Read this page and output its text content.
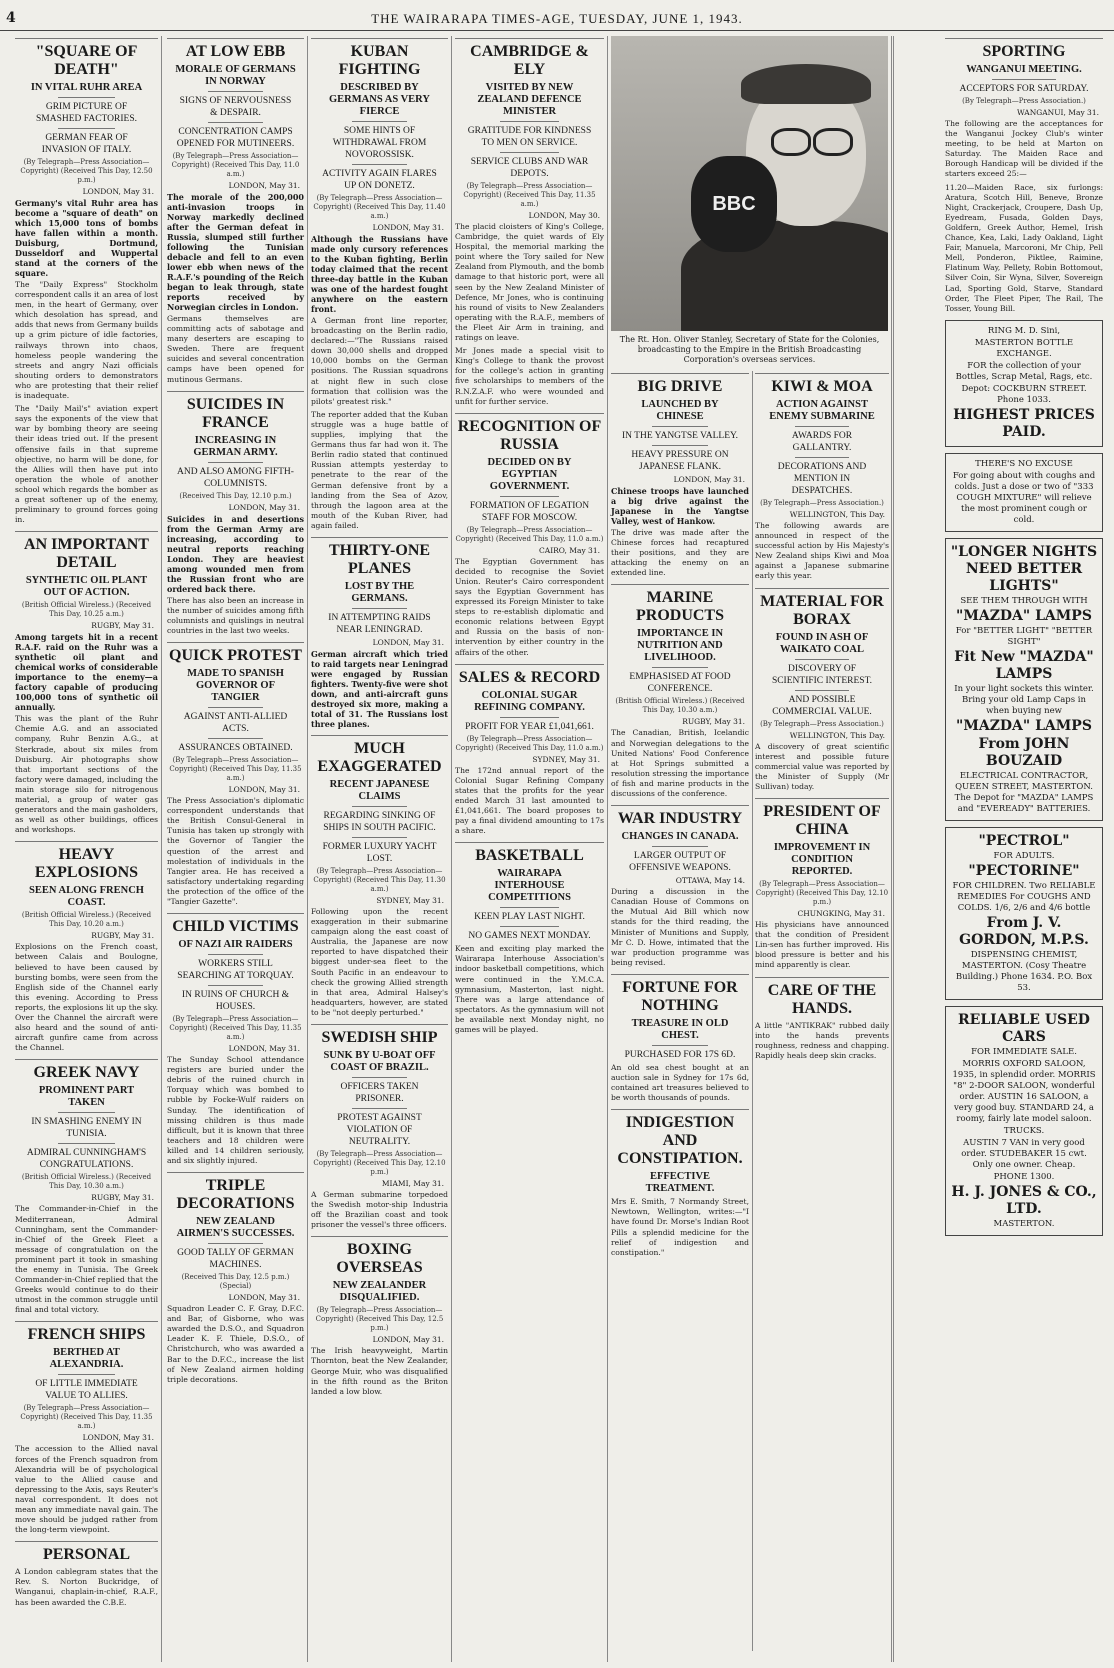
4	THE WAIRARAPA TIMES-AGE, TUESDAY, JUNE 1, 1943.
"SQUARE OF DEATH"
IN VITAL RUHR AREA
GRIM PICTURE OF SMASHED FACTORIES.
GERMAN FEAR OF INVASION OF ITALY.
(By Telegraph—Press Association—Copyright) (Received This Day, 12.50 p.m.)
LONDON, May 31.
Germany's vital Ruhr area has become a "square of death" on which 15,000 tons of bombs have fallen within a month. Duisburg, Dortmund, Dusseldorf and Wuppertal stand at the corners of the square.
The "Daily Express" Stockholm correspondent calls it an area of lost men, in the heart of Germany, over which desolation has spread, and adds that news from Germany builds up a grim picture of idle factories, railways thrown into chaos, homeless people wandering the streets and angry Nazi officials shouting orders to demonstrators who are protesting that their relief is inadequate.
The "Daily Mail's" aviation expert says the exponents of the view that war by bombing theory are seeing their ideas tried out. If the present offensive fails in that supreme objective, no harm will be done, for the Allies will then have put into operation the whole of another school which regards the bomber as a great softener up of the enemy, preliminary to ground forces going in.
AN IMPORTANT DETAIL
SYNTHETIC OIL PLANT OUT OF ACTION.
(British Official Wireless.) (Received This Day, 10.25 a.m.)
RUGBY, May 31.
Among targets hit in a recent R.A.F. raid on the Ruhr was a synthetic oil plant and chemical works of considerable importance to the enemy—a factory capable of producing 100,000 tons of synthetic oil annually.
This was the plant of the Ruhr Chemie A.G. and an associated company, Ruhr Benzin A.G., at Sterkrade, about six miles from Duisburg. Air photographs show that important sections of the factory were damaged, including the main storage silo for nitrogenous material, a group of water gas generators and the main gasholders, as well as other buildings, offices and workshops.
HEAVY EXPLOSIONS
SEEN ALONG FRENCH COAST.
(British Official Wireless.) (Received This Day, 10.20 a.m.)
RUGBY, May 31.
Explosions on the French coast, between Calais and Boulogne, believed to have been caused by bursting bombs, were seen from the English side of the Channel early this evening. According to Press reports, the explosions lit up the sky. Over the Channel the aircraft were also heard and the sound of anti-aircraft gunfire came from across the Channel.
GREEK NAVY
PROMINENT PART TAKEN
IN SMASHING ENEMY IN TUNISIA.
ADMIRAL CUNNINGHAM'S CONGRATULATIONS.
(British Official Wireless.) (Received This Day, 10.30 a.m.)
RUGBY, May 31.
The Commander-in-Chief in the Mediterranean, Admiral Cunningham, sent the Commander-in-Chief of the Greek Fleet a message of congratulation on the prominent part it took in smashing the enemy in Tunisia. The Greek Commander-in-Chief replied that the Greeks would continue to do their utmost in the common struggle until final and total victory.
FRENCH SHIPS
BERTHED AT ALEXANDRIA.
OF LITTLE IMMEDIATE VALUE TO ALLIES.
(By Telegraph—Press Association—Copyright) (Received This Day, 11.35 a.m.)
LONDON, May 31.
The accession to the Allied naval forces of the French squadron from Alexandria will be of psychological value to the Allied cause and depressing to the Axis, says Reuter's naval correspondent. It does not mean any immediate naval gain. The move should be judged rather from the long-term viewpoint.
PERSONAL
A London cablegram states that the Rev. S. Norton Buckridge, of Wanganui, chaplain-in-chief, R.A.F., has been awarded the C.B.E.
AT LOW EBB
MORALE OF GERMANS IN NORWAY
SIGNS OF NERVOUSNESS & DESPAIR.
CONCENTRATION CAMPS OPENED FOR MUTINEERS.
(By Telegraph—Press Association—Copyright) (Received This Day, 11.0 a.m.)
LONDON, May 31.
The morale of the 200,000 anti-invasion troops in Norway markedly declined after the German defeat in Russia, slumped still further following the Tunisian debacle and fell to an even lower ebb when news of the R.A.F.'s pounding of the Reich began to leak through, state reports received by Norwegian circles in London.
Germans themselves are committing acts of sabotage and many deserters are escaping to Sweden. There are frequent suicides and several concentration camps have been opened for mutinous Germans.
SUICIDES IN FRANCE
INCREASING IN GERMAN ARMY.
AND ALSO AMONG FIFTH-COLUMNISTS.
(Received This Day, 12.10 p.m.)
LONDON, May 31.
Suicides in and desertions from the German Army are increasing, according to neutral reports reaching London. They are heaviest among wounded men from the Russian front who are ordered back there.
There has also been an increase in the number of suicides among fifth columnists and quislings in neutral countries in the last two weeks.
QUICK PROTEST
MADE TO SPANISH GOVERNOR OF TANGIER
AGAINST ANTI-ALLIED ACTS.
ASSURANCES OBTAINED.
(By Telegraph—Press Association—Copyright) (Received This Day, 11.35 a.m.)
LONDON, May 31.
The Press Association's diplomatic correspondent understands that the British Consul-General in Tunisia has taken up strongly with the Governor of Tangier the question of the arrest and molestation of individuals in the Tangier area. He has received a satisfactory undertaking regarding the protection of the office of the "Tangier Gazette".
CHILD VICTIMS
OF NAZI AIR RAIDERS
WORKERS STILL SEARCHING AT TORQUAY.
IN RUINS OF CHURCH & HOUSES.
(By Telegraph—Press Association—Copyright) (Received This Day, 11.35 a.m.)
LONDON, May 31.
The Sunday School attendance registers are buried under the debris of the ruined church in Torquay which was bombed to rubble by Focke-Wulf raiders on Sunday. The identification of missing children is thus made difficult, but it is known that three teachers and 18 children were killed and 14 children seriously, and six slightly injured.
TRIPLE DECORATIONS
NEW ZEALAND AIRMEN'S SUCCESSES.
GOOD TALLY OF GERMAN MACHINES.
(Received This Day, 12.5 p.m.) (Special)
LONDON, May 31.
Squadron Leader C. F. Gray, D.F.C. and Bar, of Gisborne, who was awarded the D.S.O., and Squadron Leader K. F. Thiele, D.S.O., of Christchurch, who was awarded a Bar to the D.F.C., increase the list of New Zealand airmen holding triple decorations.
KUBAN FIGHTING
DESCRIBED BY GERMANS AS VERY FIERCE
SOME HINTS OF WITHDRAWAL FROM NOVOROSSISK.
ACTIVITY AGAIN FLARES UP ON DONETZ.
(By Telegraph—Press Association—Copyright) (Received This Day, 11.40 a.m.)
LONDON, May 31.
Although the Russians have made only cursory references to the Kuban fighting, Berlin today claimed that the recent three-day battle in the Kuban was one of the hardest fought anywhere on the eastern front.
A German front line reporter, broadcasting on the Berlin radio, declared:—"The Russians raised down 30,000 shells and dropped 10,000 bombs on the German positions. The Russian squadrons at night flew in such close formation that collision was the pilots' greatest risk."
The reporter added that the Kuban struggle was a huge battle of supplies, implying that the Germans thus far had won it. The Berlin radio stated that continued Russian attempts yesterday to penetrate to the rear of the German defensive front by a landing from the Sea of Azov, through the lagoon area at the mouth of the Kuban River, had again failed.
THIRTY-ONE PLANES
LOST BY THE GERMANS.
IN ATTEMPTING RAIDS NEAR LENINGRAD.
LONDON, May 31.
German aircraft which tried to raid targets near Leningrad were engaged by Russian fighters. Twenty-five were shot down, and anti-aircraft guns destroyed six more, making a total of 31. The Russians lost three planes.
MUCH EXAGGERATED
RECENT JAPANESE CLAIMS
REGARDING SINKING OF SHIPS IN SOUTH PACIFIC.
FORMER LUXURY YACHT LOST.
(By Telegraph—Press Association—Copyright) (Received This Day, 11.30 a.m.)
SYDNEY, May 31.
Following upon the recent exaggeration in their submarine campaign along the east coast of Australia, the Japanese are now reported to have dispatched their biggest under-sea fleet to the South Pacific in an endeavour to check the growing Allied strength in that area, Admiral Halsey's headquarters, however, are stated to be "not deeply perturbed."
SWEDISH SHIP
SUNK BY U-BOAT OFF COAST OF BRAZIL.
OFFICERS TAKEN PRISONER.
PROTEST AGAINST VIOLATION OF NEUTRALITY.
(By Telegraph—Press Association—Copyright) (Received This Day, 12.10 p.m.)
MIAMI, May 31.
A German submarine torpedoed the Swedish motor-ship Industria off the Brazilian coast and took prisoner the vessel's three officers.
BOXING OVERSEAS
NEW ZEALANDER DISQUALIFIED.
(By Telegraph—Press Association—Copyright) (Received This Day, 12.5 p.m.)
LONDON, May 31.
The Irish heavyweight, Martin Thornton, beat the New Zealander, George Muir, who was disqualified in the fifth round as the Briton landed a low blow.
CAMBRIDGE & ELY
VISITED BY NEW ZEALAND DEFENCE MINISTER
GRATITUDE FOR KINDNESS TO MEN ON SERVICE.
SERVICE CLUBS AND WAR DEPOTS.
(By Telegraph—Press Association—Copyright) (Received This Day, 11.35 a.m.)
LONDON, May 30.
The placid cloisters of King's College, Cambridge, the quiet wards of Ely Hospital, the memorial marking the point where the Tory sailed for New Zealand from Plymouth, and the bomb damage to that historic port, were all seen by the New Zealand Minister of Defence, Mr Jones, who is continuing his round of visits to New Zealanders operating with the R.A.F., members of the Fleet Air Arm in training, and ratings on leave.
Mr Jones made a special visit to King's College to thank the provost for the college's action in granting five scholarships to members of the R.N.Z.A.F. who were wounded and unfit for further service.
RECOGNITION OF RUSSIA
DECIDED ON BY EGYPTIAN GOVERNMENT.
FORMATION OF LEGATION STAFF FOR MOSCOW.
(By Telegraph—Press Association—Copyright) (Received This Day, 11.0 a.m.)
CAIRO, May 31.
The Egyptian Government has decided to recognise the Soviet Union. Reuter's Cairo correspondent says the Egyptian Government has expressed its Foreign Minister to take steps to re-establish diplomatic and economic relations between Egypt and Russia on the basis of non-intervention by either country in the affairs of the other.
SALES & RECORD
COLONIAL SUGAR REFINING COMPANY.
PROFIT FOR YEAR £1,041,661.
(By Telegraph—Press Association—Copyright) (Received This Day, 11.0 a.m.)
SYDNEY, May 31.
The 172nd annual report of the Colonial Sugar Refining Company states that the profits for the year ended March 31 last amounted to £1,041,661. The board proposes to pay a final dividend amounting to 17s a share.
BASKETBALL
WAIRARAPA INTERHOUSE COMPETITIONS
KEEN PLAY LAST NIGHT.
NO GAMES NEXT MONDAY.
Keen and exciting play marked the Wairarapa Interhouse Association's indoor basketball competitions, which were continued in the Y.M.C.A. gymnasium, Masterton, last night. There was a large attendance of spectators. As the gymnasium will not be available next Monday night, no games will be played.
BBC
The Rt. Hon. Oliver Stanley, Secretary of State for the Colonies, broadcasting to the Empire in the British Broadcasting Corporation's overseas services.
BIG DRIVE
LAUNCHED BY CHINESE
IN THE YANGTSE VALLEY.
HEAVY PRESSURE ON JAPANESE FLANK.
LONDON, May 31.
Chinese troops have launched a big drive against the Japanese in the Yangtse Valley, west of Hankow.
The drive was made after the Chinese forces had recaptured their positions, and they are attacking the enemy on an extended line.
MARINE PRODUCTS
IMPORTANCE IN NUTRITION AND LIVELIHOOD.
EMPHASISED AT FOOD CONFERENCE.
(British Official Wireless.) (Received This Day, 10.30 a.m.)
RUGBY, May 31.
The Canadian, British, Icelandic and Norwegian delegations to the United Nations' Food Conference at Hot Springs submitted a resolution stressing the importance of fish and marine products in the discussions of the conference.
WAR INDUSTRY
CHANGES IN CANADA.
LARGER OUTPUT OF OFFENSIVE WEAPONS.
OTTAWA, May 14.
During a discussion in the Canadian House of Commons on the Mutual Aid Bill which now stands for the third reading, the Minister of Munitions and Supply, Mr C. D. Howe, intimated that the war production programme was being revised.
FORTUNE FOR NOTHING
TREASURE IN OLD CHEST.
PURCHASED FOR 17S 6D.
An old sea chest bought at an auction sale in Sydney for 17s 6d, contained art treasures believed to be worth thousands of pounds.
INDIGESTION AND CONSTIPATION.
EFFECTIVE TREATMENT.
Mrs E. Smith, 7 Normandy Street, Newtown, Wellington, writes:—"I have found Dr. Morse's Indian Root Pills a splendid medicine for the relief of indigestion and constipation."
KIWI & MOA
ACTION AGAINST ENEMY SUBMARINE
AWARDS FOR GALLANTRY.
DECORATIONS AND MENTION IN DESPATCHES.
(By Telegraph—Press Association.)
WELLINGTON, This Day.
The following awards are announced in respect of the successful action by His Majesty's New Zealand ships Kiwi and Moa against a Japanese submarine early this year.
MATERIAL FOR BORAX
FOUND IN ASH OF WAIKATO COAL
DISCOVERY OF SCIENTIFIC INTEREST.
AND POSSIBLE COMMERCIAL VALUE.
(By Telegraph—Press Association.)
WELLINGTON, This Day.
A discovery of great scientific interest and possible future commercial value was reported by the Minister of Supply (Mr Sullivan) today.
PRESIDENT OF CHINA
IMPROVEMENT IN CONDITION REPORTED.
(By Telegraph—Press Association—Copyright) (Received This Day, 12.10 p.m.)
CHUNGKING, May 31.
His physicians have announced that the condition of President Lin-sen has further improved. His blood pressure is better and his mind apparently is clear.
CARE OF THE HANDS.
A little "ANTIKRAK" rubbed daily into the hands prevents roughness, redness and chapping. Rapidly heals deep skin cracks.
SPORTING
WANGANUI MEETING.
ACCEPTORS FOR SATURDAY.
(By Telegraph—Press Association.)
WANGANUI, May 31.
The following are the acceptances for the Wanganui Jockey Club's winter meeting, to be held at Marton on Saturday. The Maiden Race and Borough Handicap will be divided if the starters exceed 25:—
11.20—Maiden Race, six furlongs: Aratura, Scotch Hill, Beneve, Bronze Night, Crackerjack, Croupere, Dash Up, Eyedream, Fusada, Golden Days, Goldfern, Greek Author, Hemel, Irish Chance, Kea, Laki, Lady Oakland, Light Fair, Manuela, Marcoroni, Mr Chip, Pell Mell, Ponderon, Piktlee, Raimine, Flatinum Way, Pellety, Robin Bottomout, Silver Coin, Sir Wyna, Silver, Sovereign Lad, Sporting Gold, Starve, Standard Order, The Fleet Piper, The Rail, The Tosser, Young Bill.
RING M. D. Sini,
MASTERTON BOTTLE EXCHANGE.
FOR the collection of your Bottles, Scrap Metal, Rags, etc.
Depot: COCKBURN STREET. Phone 1033.
HIGHEST PRICES PAID.
THERE'S NO EXCUSE
For going about with coughs and colds. Just a dose or two of "333 COUGH MIXTURE" will relieve the most prominent cough or cold.
"LONGER NIGHTS NEED BETTER LIGHTS"
SEE THEM THROUGH WITH
"MAZDA" LAMPS
For "BETTER LIGHT" "BETTER SIGHT"
Fit New "MAZDA" LAMPS
In your light sockets this winter. Bring your old Lamp Caps in when buying new
"MAZDA" LAMPS
From JOHN BOUZAID
ELECTRICAL CONTRACTOR, QUEEN STREET, MASTERTON. The Depot for "MAZDA" LAMPS and "EVEREADY" BATTERIES.
"PECTROL"
FOR ADULTS.
"PECTORINE"
FOR CHILDREN. Two RELIABLE REMEDIES For COUGHS AND COLDS. 1/6, 2/6 and 4/6 bottle
From J. V. GORDON, M.P.S.
DISPENSING CHEMIST, MASTERTON. (Cosy Theatre Building.) Phone 1634. P.O. Box 53.
RELIABLE USED CARS
FOR IMMEDIATE SALE.
MORRIS OXFORD SALOON, 1935, in splendid order. MORRIS "8" 2-DOOR SALOON, wonderful order. AUSTIN 16 SALOON, a very good buy. STANDARD 24, a roomy, fairly late model saloon.
TRUCKS.
AUSTIN 7 VAN in very good order. STUDEBAKER 15 cwt. Only one owner. Cheap.
PHONE 1300.
H. J. JONES & CO., LTD.
MASTERTON.
